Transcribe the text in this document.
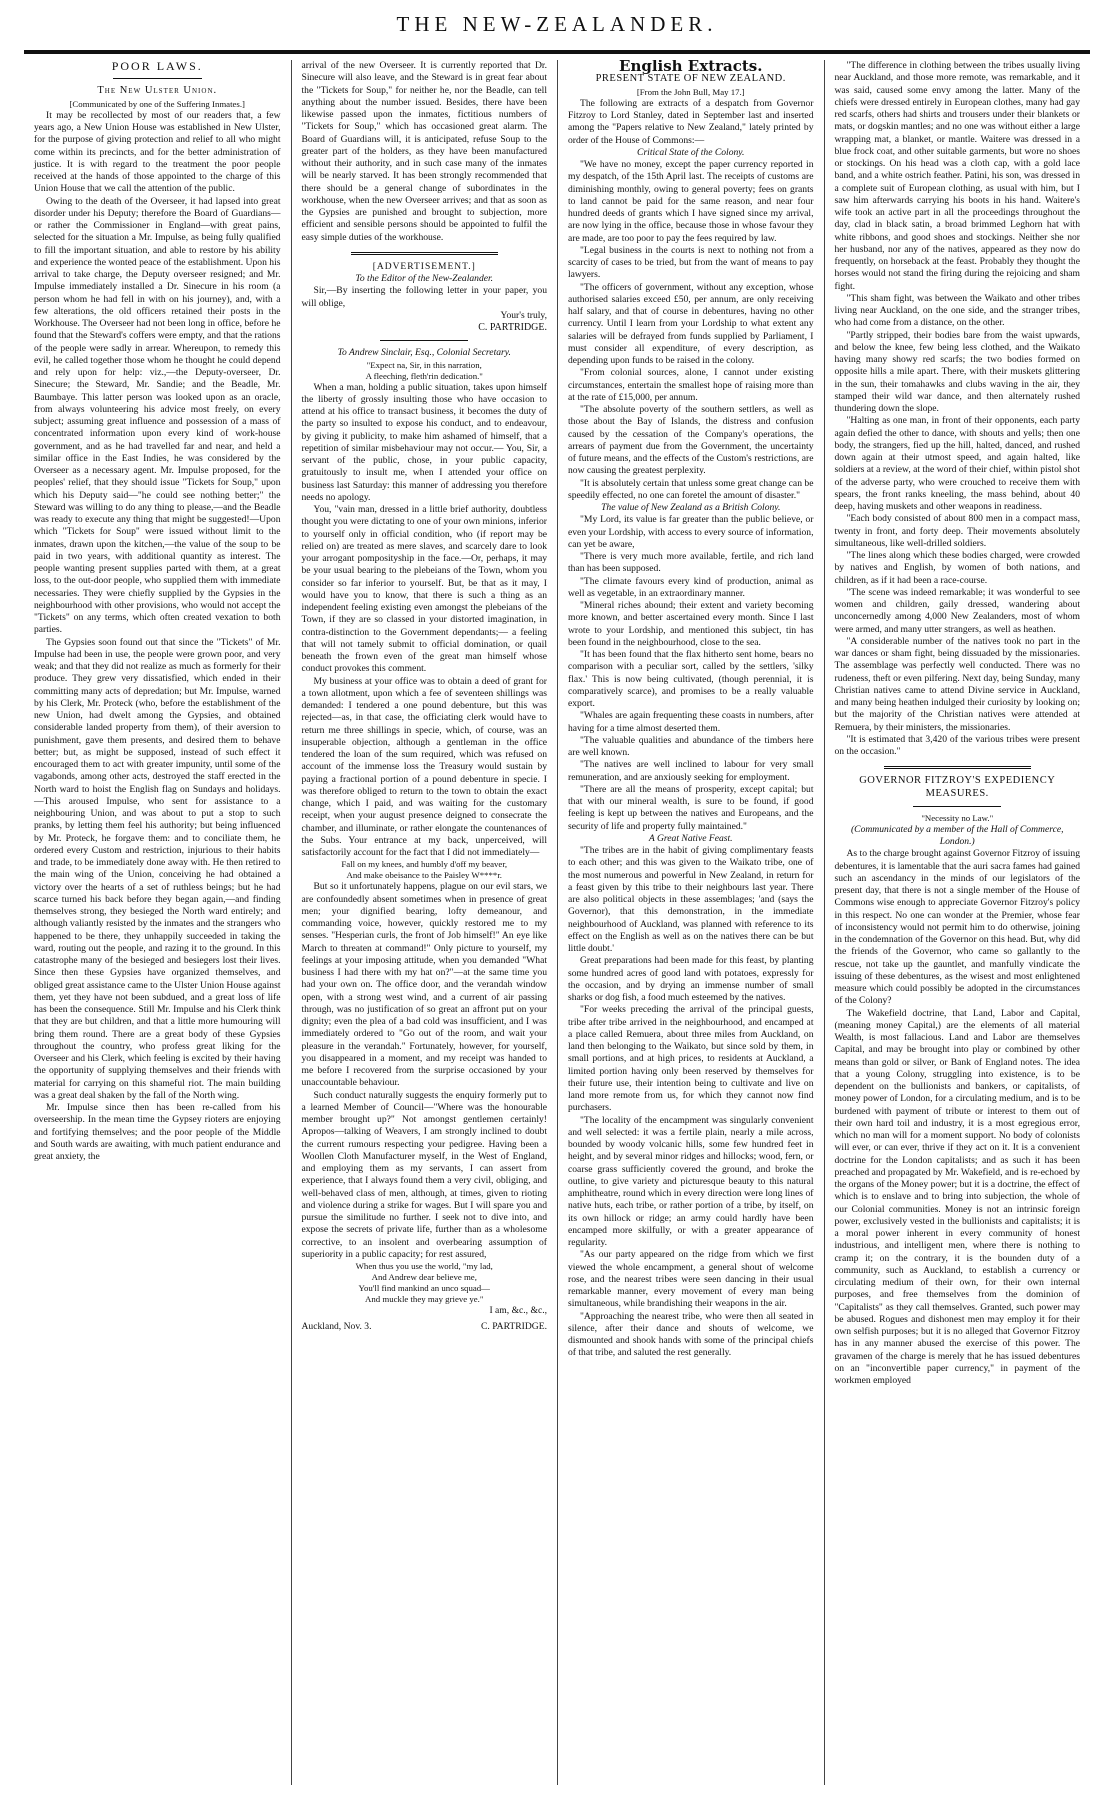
THE NEW-ZEALANDER.

POOR LAWS.

The New Ulster Union.

[Communicated by one of the Suffering Inmates.]

It may be recollected by most of our readers that, a few years ago, a New Union House was established in New Ulster, for the purpose of giving protection and relief to all who might come within its precincts, and for the better administration of justice. It is with regard to the treatment the poor people received at the hands of those appointed to the charge of this Union House that we call the attention of the public.

Owing to the death of the Overseer, it had lapsed into great disorder under his Deputy; therefore the Board of Guardians—or rather the Commissioner in England—with great pains, selected for the situation a Mr. Impulse, as being fully qualified to fill the important situation, and able to restore by his ability and experience the wonted peace of the establishment. Upon his arrival to take charge, the Deputy overseer resigned; and Mr. Impulse immediately installed a Dr. Sinecure in his room (a person whom he had fell in with on his journey), and, with a few alterations, the old officers retained their posts in the Workhouse. The Overseer had not been long in office, before he found that the Steward's coffers were empty, and that the rations of the people were sadly in arrear. Whereupon, to remedy this evil, he called together those whom he thought he could depend and rely upon for help: viz.,—the Deputy-overseer, Dr. Sinecure; the Steward, Mr. Sandie; and the Beadle, Mr. Baumbaye. This latter person was looked upon as an oracle, from always volunteering his advice most freely, on every subject; assuming great influence and possession of a mass of concentrated information upon every kind of work-house government, and as he had travelled far and near, and held a similar office in the East Indies, he was considered by the Overseer as a necessary agent. Mr. Impulse proposed, for the peoples' relief, that they should issue "Tickets for Soup," upon which his Deputy said—"he could see nothing better;" the Steward was willing to do any thing to please,—and the Beadle was ready to execute any thing that might be suggested!—Upon which "Tickets for Soup" were issued without limit to the inmates, drawn upon the kitchen,—the value of the soup to be paid in two years, with additional quantity as interest. The people wanting present supplies parted with them, at a great loss, to the out-door people, who supplied them with immediate necessaries. They were chiefly supplied by the Gypsies in the neighbourhood with other provisions, who would not accept the "Tickets" on any terms, which often created vexation to both parties.

The Gypsies soon found out that since the "Tickets" of Mr. Impulse had been in use, the people were grown poor, and very weak; and that they did not realize as much as formerly for their produce. They grew very dissatisfied, which ended in their committing many acts of depredation; but Mr. Impulse, warned by his Clerk, Mr. Proteck (who, before the establishment of the new Union, had dwelt among the Gypsies, and obtained considerable landed property from them), of their aversion to punishment, gave them presents, and desired them to behave better; but, as might be supposed, instead of such effect it encouraged them to act with greater impunity, until some of the vagabonds, among other acts, destroyed the staff erected in the North ward to hoist the English flag on Sundays and holidays.—This aroused Impulse, who sent for assistance to a neighbouring Union, and was about to put a stop to such pranks, by letting them feel his authority; but being influenced by Mr. Proteck, he forgave them: and to conciliate them, he ordered every Custom and restriction, injurious to their habits and trade, to be immediately done away with. He then retired to the main wing of the Union, conceiving he had obtained a victory over the hearts of a set of ruthless beings; but he had scarce turned his back before they began again,—and finding themselves strong, they besieged the North ward entirely; and although valiantly resisted by the inmates and the strangers who happened to be there, they unhappily succeeded in taking the ward, routing out the people, and razing it to the ground. In this catastrophe many of the besieged and besiegers lost their lives. Since then these Gypsies have organized themselves, and obliged great assistance came to the Ulster Union House against them, yet they have not been subdued, and a great loss of life has been the consequence. Still Mr. Impulse and his Clerk think that they are but children, and that a little more humouring will bring them round. There are a great body of these Gypsies throughout the country, who profess great liking for the Overseer and his Clerk, which feeling is excited by their having the opportunity of supplying themselves and their friends with material for carrying on this shameful riot. The main building was a great deal shaken by the fall of the North wing.

Mr. Impulse since then has been re-called from his overseership. In the mean time the Gypsey rioters are enjoying and fortifying themselves; and the poor people of the Middle and South wards are awaiting, with much patient endurance and great anxiety, the

arrival of the new Overseer. It is currently reported that Dr. Sinecure will also leave, and the Steward is in great fear about the "Tickets for Soup," for neither he, nor the Beadle, can tell anything about the number issued. Besides, there have been likewise passed upon the inmates, fictitious numbers of "Tickets for Soup," which has occasioned great alarm. The Board of Guardians will, it is anticipated, refuse Soup to the greater part of the holders, as they have been manufactured without their authority, and in such case many of the inmates will be nearly starved. It has been strongly recommended that there should be a general change of subordinates in the workhouse, when the new Overseer arrives; and that as soon as the Gypsies are punished and brought to subjection, more efficient and sensible persons should be appointed to fulfil the easy simple duties of the workhouse.

[ADVERTISEMENT.]

To the Editor of the New-Zealander.

Sir,—By inserting the following letter in your paper, you will oblige,

Your's truly,

C. PARTRIDGE.

To Andrew Sinclair, Esq., Colonial Secretary.

"Expect na, Sir, in this narration,

A fleeching, fleth'rin dedication."

When a man, holding a public situation, takes upon himself the liberty of grossly insulting those who have occasion to attend at his office to transact business, it becomes the duty of the party so insulted to expose his conduct, and to endeavour, by giving it publicity, to make him ashamed of himself, that a repetition of similar misbehaviour may not occur.— You, Sir, a servant of the public, chose, in your public capacity, gratuitously to insult me, when I attended your office on business last Saturday: this manner of addressing you therefore needs no apology.

You, "vain man, dressed in a little brief authority, doubtless thought you were dictating to one of your own minions, inferior to yourself only in official condition, who (if report may be relied on) are treated as mere slaves, and scarcely dare to look your arrogant pomposityship in the face.—Or, perhaps, it may be your usual bearing to the plebeians of the Town, whom you consider so far inferior to yourself. But, be that as it may, I would have you to know, that there is such a thing as an independent feeling existing even amongst the plebeians of the Town, if they are so classed in your distorted imagination, in contra-distinction to the Government dependants;— a feeling that will not tamely submit to official domination, or quail beneath the frown even of the great man himself whose conduct provokes this comment.

My business at your office was to obtain a deed of grant for a town allotment, upon which a fee of seventeen shillings was demanded: I tendered a one pound debenture, but this was rejected—as, in that case, the officiating clerk would have to return me three shillings in specie, which, of course, was an insuperable objection, although a gentleman in the office tendered the loan of the sum required, which was refused on account of the immense loss the Treasury would sustain by paying a fractional portion of a pound debenture in specie. I was therefore obliged to return to the town to obtain the exact change, which I paid, and was waiting for the customary receipt, when your august presence deigned to consecrate the chamber, and illuminate, or rather elongate the countenances of the Subs. Your entrance at my back, unperceived, will satisfactorily account for the fact that I did not immediately—

Fall on my knees, and humbly d'off my beaver,

And make obeisance to the Paisley W****r.

But so it unfortunately happens, plague on our evil stars, we are confoundedly absent sometimes when in presence of great men; your dignified bearing, lofty demeanour, and commanding voice, however, quickly restored me to my senses. "Hesperian curls, the front of Job himself!" An eye like March to threaten at command!" Only picture to yourself, my feelings at your imposing attitude, when you demanded "What business I had there with my hat on?"—at the same time you had your own on. The office door, and the verandah window open, with a strong west wind, and a current of air passing through, was no justification of so great an affront put on your dignity; even the plea of a bad cold was insufficient, and I was immediately ordered to "Go out of the room, and wait your pleasure in the verandah." Fortunately, however, for yourself, you disappeared in a moment, and my receipt was handed to me before I recovered from the surprise occasioned by your unaccountable behaviour.

Such conduct naturally suggests the enquiry formerly put to a learned Member of Council—"Where was the honourable member brought up?" Not amongst gentlemen certainly! Apropos—talking of Weavers, I am strongly inclined to doubt the current rumours respecting your pedigree. Having been a Woollen Cloth Manufacturer myself, in the West of England, and employing them as my servants, I can assert from experience, that I always found them a very civil, obliging, and well-behaved class of men, although, at times, given to rioting and violence during a strike for wages. But I will spare you and pursue the similitude no further. I seek not to dive into, and expose the secrets of private life, further than as a wholesome corrective, to an insolent and overbearing assumption of superiority in a public capacity; for rest assured,

When thus you use the world, "my lad,

And Andrew dear believe me,

You'll find mankind an unco squad—

And muckle they may grieve ye."

I am, &c., &c.,

Auckland, Nov. 3.	C. PARTRIDGE.

English Extracts.

PRESENT STATE OF NEW ZEALAND.

[From the John Bull, May 17.]

The following are extracts of a despatch from Governor Fitzroy to Lord Stanley, dated in September last and inserted among the "Papers relative to New Zealand," lately printed by order of the House of Commons:—

Critical State of the Colony.

"We have no money, except the paper currency reported in my despatch, of the 15th April last. The receipts of customs are diminishing monthly, owing to general poverty; fees on grants to land cannot be paid for the same reason, and near four hundred deeds of grants which I have signed since my arrival, are now lying in the office, because those in whose favour they are made, are too poor to pay the fees required by law.

"Legal business in the courts is next to nothing not from a scarcity of cases to be tried, but from the want of means to pay lawyers.

"The officers of government, without any exception, whose authorised salaries exceed £50, per annum, are only receiving half salary, and that of course in debentures, having no other currency. Until I learn from your Lordship to what extent any salaries will be defrayed from funds supplied by Parliament, I must consider all expenditure, of every description, as depending upon funds to be raised in the colony.

"From colonial sources, alone, I cannot under existing circumstances, entertain the smallest hope of raising more than at the rate of £15,000, per annum.

"The absolute poverty of the southern settlers, as well as those about the Bay of Islands, the distress and confusion caused by the cessation of the Company's operations, the arrears of payment due from the Government, the uncertainty of future means, and the effects of the Custom's restrictions, are now causing the greatest perplexity.

"It is absolutely certain that unless some great change can be speedily effected, no one can foretel the amount of disaster."

The value of New Zealand as a British Colony.

"My Lord, its value is far greater than the public believe, or even your Lordship, with access to every source of information, can yet be aware,

"There is very much more available, fertile, and rich land than has been supposed.

"The climate favours every kind of production, animal as well as vegetable, in an extraordinary manner.

"Mineral riches abound; their extent and variety becoming more known, and better ascertained every month. Since I last wrote to your Lordship, and mentioned this subject, tin has been found in the neighbourhood, close to the sea.

"It has been found that the flax hitherto sent home, bears no comparison with a peculiar sort, called by the settlers, 'silky flax.' This is now being cultivated, (though perennial, it is comparatively scarce), and promises to be a really valuable export.

"Whales are again frequenting these coasts in numbers, after having for a time almost deserted them.

"The valuable qualities and abundance of the timbers here are well known.

"The natives are well inclined to labour for very small remuneration, and are anxiously seeking for employment.

"There are all the means of prosperity, except capital; but that with our mineral wealth, is sure to be found, if good feeling is kept up between the natives and Europeans, and the security of life and property fully maintained."

A Great Native Feast.

"The tribes are in the habit of giving complimentary feasts to each other; and this was given to the Waikato tribe, one of the most numerous and powerful in New Zealand, in return for a feast given by this tribe to their neighbours last year. There are also political objects in these assemblages; 'and (says the Governor), that this demonstration, in the immediate neighbourhood of Auckland, was planned with reference to its effect on the English as well as on the natives there can be but little doubt.'

Great preparations had been made for this feast, by planting some hundred acres of good land with potatoes, expressly for the occasion, and by drying an immense number of small sharks or dog fish, a food much esteemed by the natives.

"For weeks preceding the arrival of the principal guests, tribe after tribe arrived in the neighbourhood, and encamped at a place called Remuera, about three miles from Auckland, on land then belonging to the Waikato, but since sold by them, in small portions, and at high prices, to residents at Auckland, a limited portion having only been reserved by themselves for their future use, their intention being to cultivate and live on land more remote from us, for which they cannot now find purchasers.

"The locality of the encampment was singularly convenient and well selected: it was a fertile plain, nearly a mile across, bounded by woody volcanic hills, some few hundred feet in height, and by several minor ridges and hillocks; wood, fern, or coarse grass sufficiently covered the ground, and broke the outline, to give variety and picturesque beauty to this natural amphitheatre, round which in every direction were long lines of native huts, each tribe, or rather portion of a tribe, by itself, on its own hillock or ridge; an army could hardly have been encamped more skilfully, or with a greater appearance of regularity.

"As our party appeared on the ridge from which we first viewed the whole encampment, a general shout of welcome rose, and the nearest tribes were seen dancing in their usual remarkable manner, every movement of every man being simultaneous, while brandishing their weapons in the air.

"Approaching the nearest tribe, who were then all seated in silence, after their dance and shouts of welcome, we dismounted and shook hands with some of the principal chiefs of that tribe, and saluted the rest generally.

"The difference in clothing between the tribes usually living near Auckland, and those more remote, was remarkable, and it was said, caused some envy among the latter. Many of the chiefs were dressed entirely in European clothes, many had gay red scarfs, others had shirts and trousers under their blankets or mats, or dogskin mantles; and no one was without either a large wrapping mat, a blanket, or mantle. Waitere was dressed in a blue frock coat, and other suitable garments, but wore no shoes or stockings. On his head was a cloth cap, with a gold lace band, and a white ostrich feather. Patini, his son, was dressed in a complete suit of European clothing, as usual with him, but I saw him afterwards carrying his boots in his hand. Waitere's wife took an active part in all the proceedings throughout the day, clad in black satin, a broad brimmed Leghorn hat with white ribbons, and good shoes and stockings. Neither she nor her husband, nor any of the natives, appeared as they now do frequently, on horseback at the feast. Probably they thought the horses would not stand the firing during the rejoicing and sham fight.

"This sham fight, was between the Waikato and other tribes living near Auckland, on the one side, and the stranger tribes, who had come from a distance, on the other.

"Partly stripped, their bodies bare from the waist upwards, and below the knee, few being less clothed, and the Waikato having many showy red scarfs; the two bodies formed on opposite hills a mile apart. There, with their muskets glittering in the sun, their tomahawks and clubs waving in the air, they stamped their wild war dance, and then alternately rushed thundering down the slope.

"Halting as one man, in front of their opponents, each party again defied the other to dance, with shouts and yells; then one body, the strangers, fied up the hill, halted, danced, and rushed down again at their utmost speed, and again halted, like soldiers at a review, at the word of their chief, within pistol shot of the adverse party, who were crouched to receive them with spears, the front ranks kneeling, the mass behind, about 40 deep, having muskets and other weapons in readiness.

"Each body consisted of about 800 men in a compact mass, twenty in front, and forty deep. Their movements absolutely simultaneous, like well-drilled soldiers.

"The lines along which these bodies charged, were crowded by natives and English, by women of both nations, and children, as if it had been a race-course.

"The scene was indeed remarkable; it was wonderful to see women and children, gaily dressed, wandering about unconcernedly among 4,000 New Zealanders, most of whom were armed, and many utter strangers, as well as heathen.

"A considerable number of the natives took no part in the war dances or sham fight, being dissuaded by the missionaries. The assemblage was perfectly well conducted. There was no rudeness, theft or even pilfering. Next day, being Sunday, many Christian natives came to attend Divine service in Auckland, and many being heathen indulged their curiosity by looking on; but the majority of the Christian natives were attended at Remuera, by their ministers, the missionaries.

"It is estimated that 3,420 of the various tribes were present on the occasion."

GOVERNOR FITZROY'S EXPEDIENCY MEASURES.

"Necessity no Law."

(Communicated by a member of the Hall of Commerce, London.)

As to the charge brought against Governor Fitzroy of issuing debentures, it is lamentable that the auri sacra fames had gained such an ascendancy in the minds of our legislators of the present day, that there is not a single member of the House of Commons wise enough to appreciate Governor Fitzroy's policy in this respect. No one can wonder at the Premier, whose fear of inconsistency would not permit him to do otherwise, joining in the condemnation of the Governor on this head. But, why did the friends of the Governor, who came so gallantly to the rescue, not take up the gauntlet, and manfully vindicate the issuing of these debentures, as the wisest and most enlightened measure which could possibly be adopted in the circumstances of the Colony?

The Wakefield doctrine, that Land, Labor and Capital, (meaning money Capital,) are the elements of all material Wealth, is most fallacious. Land and Labor are themselves Capital, and may be brought into play or combined by other means than gold or silver, or Bank of England notes. The idea that a young Colony, struggling into existence, is to be dependent on the bullionists and bankers, or capitalists, of money power of London, for a circulating medium, and is to be burdened with payment of tribute or interest to them out of their own hard toil and industry, it is a most egregious error, which no man will for a moment support. No body of colonists will ever, or can ever, thrive if they act on it. It is a convenient doctrine for the London capitalists; and as such it has been preached and propagated by Mr. Wakefield, and is re-echoed by the organs of the Money power; but it is a doctrine, the effect of which is to enslave and to bring into subjection, the whole of our Colonial communities. Money is not an intrinsic foreign power, exclusively vested in the bullionists and capitalists; it is a moral power inherent in every community of honest industrious, and intelligent men, where there is nothing to cramp it; on the contrary, it is the bounden duty of a community, such as Auckland, to establish a currency or circulating medium of their own, for their own internal purposes, and free themselves from the dominion of "Capitalists" as they call themselves. Granted, such power may be abused. Rogues and dishonest men may employ it for their own selfish purposes; but it is no alleged that Governor Fitzroy has in any manner abused the exercise of this power. The gravamen of the charge is merely that he has issued debentures on an "inconvertible paper currency," in payment of the workmen employed
